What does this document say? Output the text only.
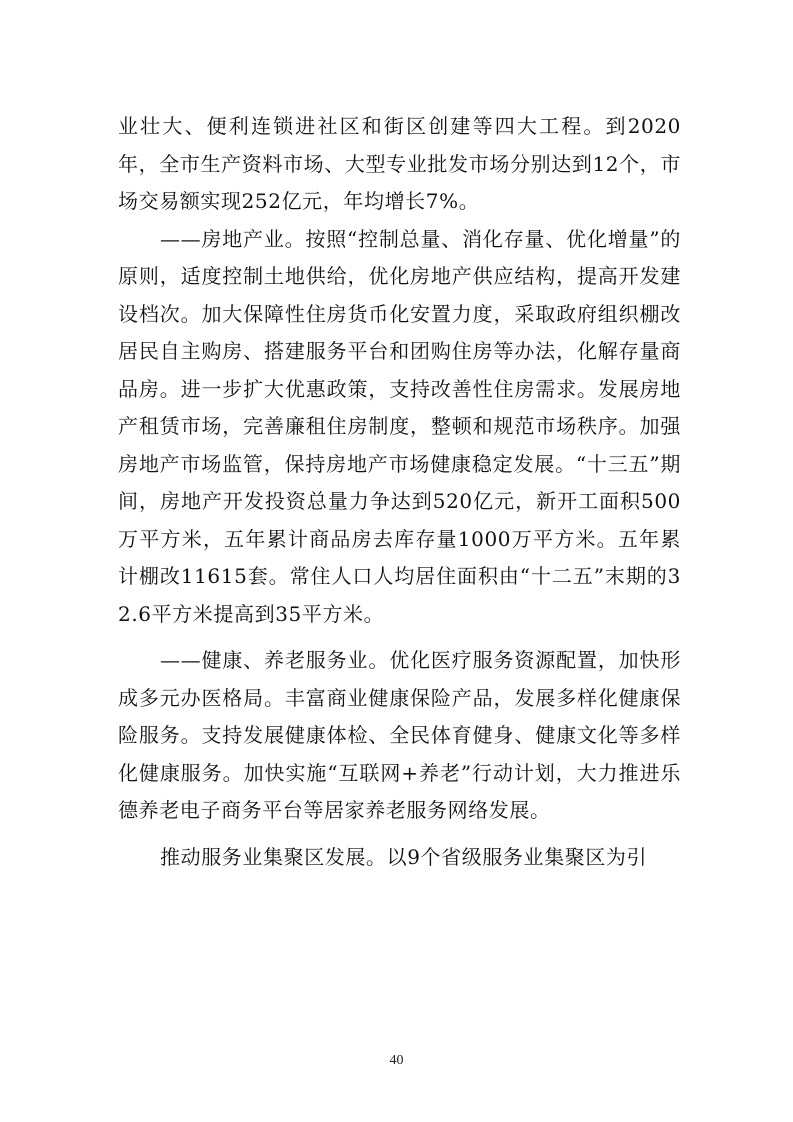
业壮大、便利连锁进社区和街区创建等四大工程。到2020年，全市生产资料市场、大型专业批发市场分别达到12个，市场交易额实现252亿元，年均增长7%。

——房地产业。按照“控制总量、消化存量、优化增量”的原则，适度控制土地供给，优化房地产供应结构，提高开发建设档次。加大保障性住房货币化安置力度，采取政府组织棚改居民自主购房、搭建服务平台和团购住房等办法，化解存量商品房。进一步扩大优惠政策，支持改善性住房需求。发展房地产租赁市场，完善廉租住房制度，整顿和规范市场秩序。加强房地产市场监管，保持房地产市场健康稳定发展。“十三五”期间，房地产开发投资总量力争达到520亿元，新开工面积500万平方米，五年累计商品房去库存量1000万平方米。五年累计棚改11615套。常住人口人均居住面积由“十二五”末期的32.6平方米提高到35平方米。

——健康、养老服务业。优化医疗服务资源配置，加快形成多元办医格局。丰富商业健康保险产品，发展多样化健康保险服务。支持发展健康体检、全民体育健身、健康文化等多样化健康服务。加快实施“互联网+养老”行动计划，大力推进乐德养老电子商务平台等居家养老服务网络发展。

推动服务业集聚区发展。以9个省级服务业集聚区为引

40
